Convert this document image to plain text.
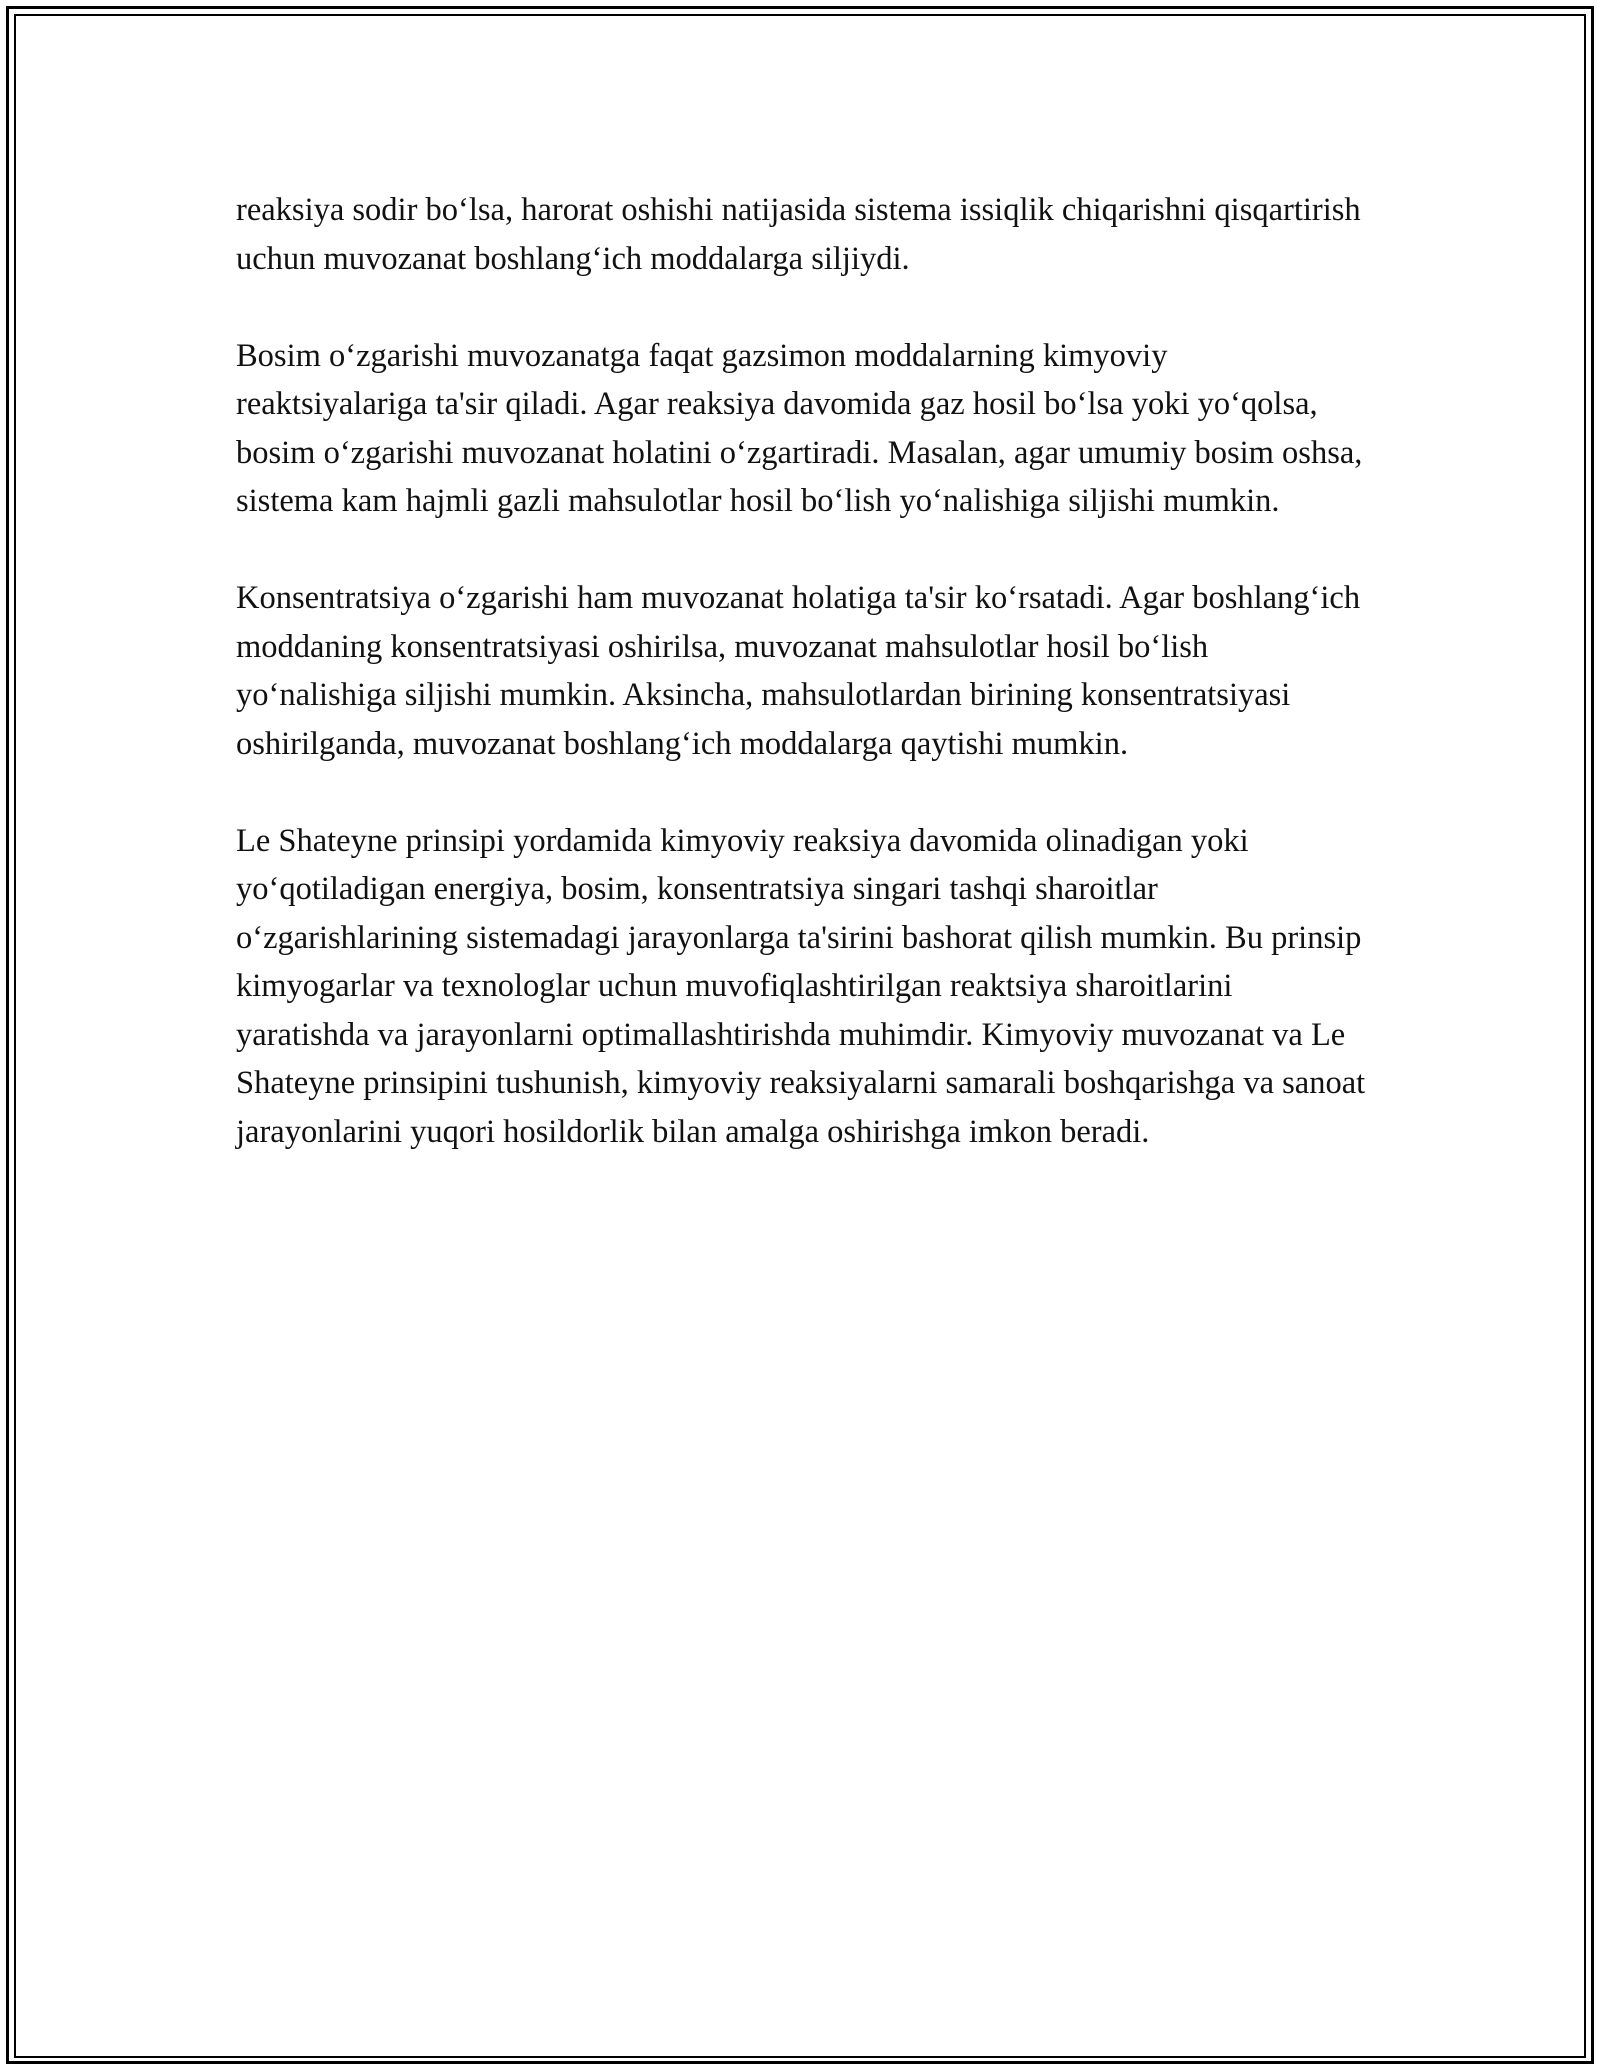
reaksiya sodir bo‘lsa, harorat oshishi natijasida sistema issiqlik chiqarishni qisqartirish uchun muvozanat boshlang‘ich moddalarga siljiydi.

Bosim o‘zgarishi muvozanatga faqat gazsimon moddalarning kimyoviy reaktsiyalariga ta'sir qiladi. Agar reaksiya davomida gaz hosil bo‘lsa yoki yo‘qolsa, bosim o‘zgarishi muvozanat holatini o‘zgartiradi. Masalan, agar umumiy bosim oshsa, sistema kam hajmli gazli mahsulotlar hosil bo‘lish yo‘nalishiga siljishi mumkin.

Konsentratsiya o‘zgarishi ham muvozanat holatiga ta'sir ko‘rsatadi. Agar boshlang‘ich moddaning konsentratsiyasi oshirilsa, muvozanat mahsulotlar hosil bo‘lish yo‘nalishiga siljishi mumkin. Aksincha, mahsulotlardan birining konsentratsiyasi oshirilganda, muvozanat boshlang‘ich moddalarga qaytishi mumkin.

Le Shateyne prinsipi yordamida kimyoviy reaksiya davomida olinadigan yoki yo‘qotiladigan energiya, bosim, konsentratsiya singari tashqi sharoitlar o‘zgarishlarining sistemadagi jarayonlarga ta'sirini bashorat qilish mumkin. Bu prinsip kimyogarlar va texnologlar uchun muvofiqlashtirilgan reaktsiya sharoitlarini yaratishda va jarayonlarni optimallashtirishda muhimdir. Kimyoviy muvozanat va Le Shateyne prinsipini tushunish, kimyoviy reaksiyalarni samarali boshqarishga va sanoat jarayonlarini yuqori hosildorlik bilan amalga oshirishga imkon beradi.
